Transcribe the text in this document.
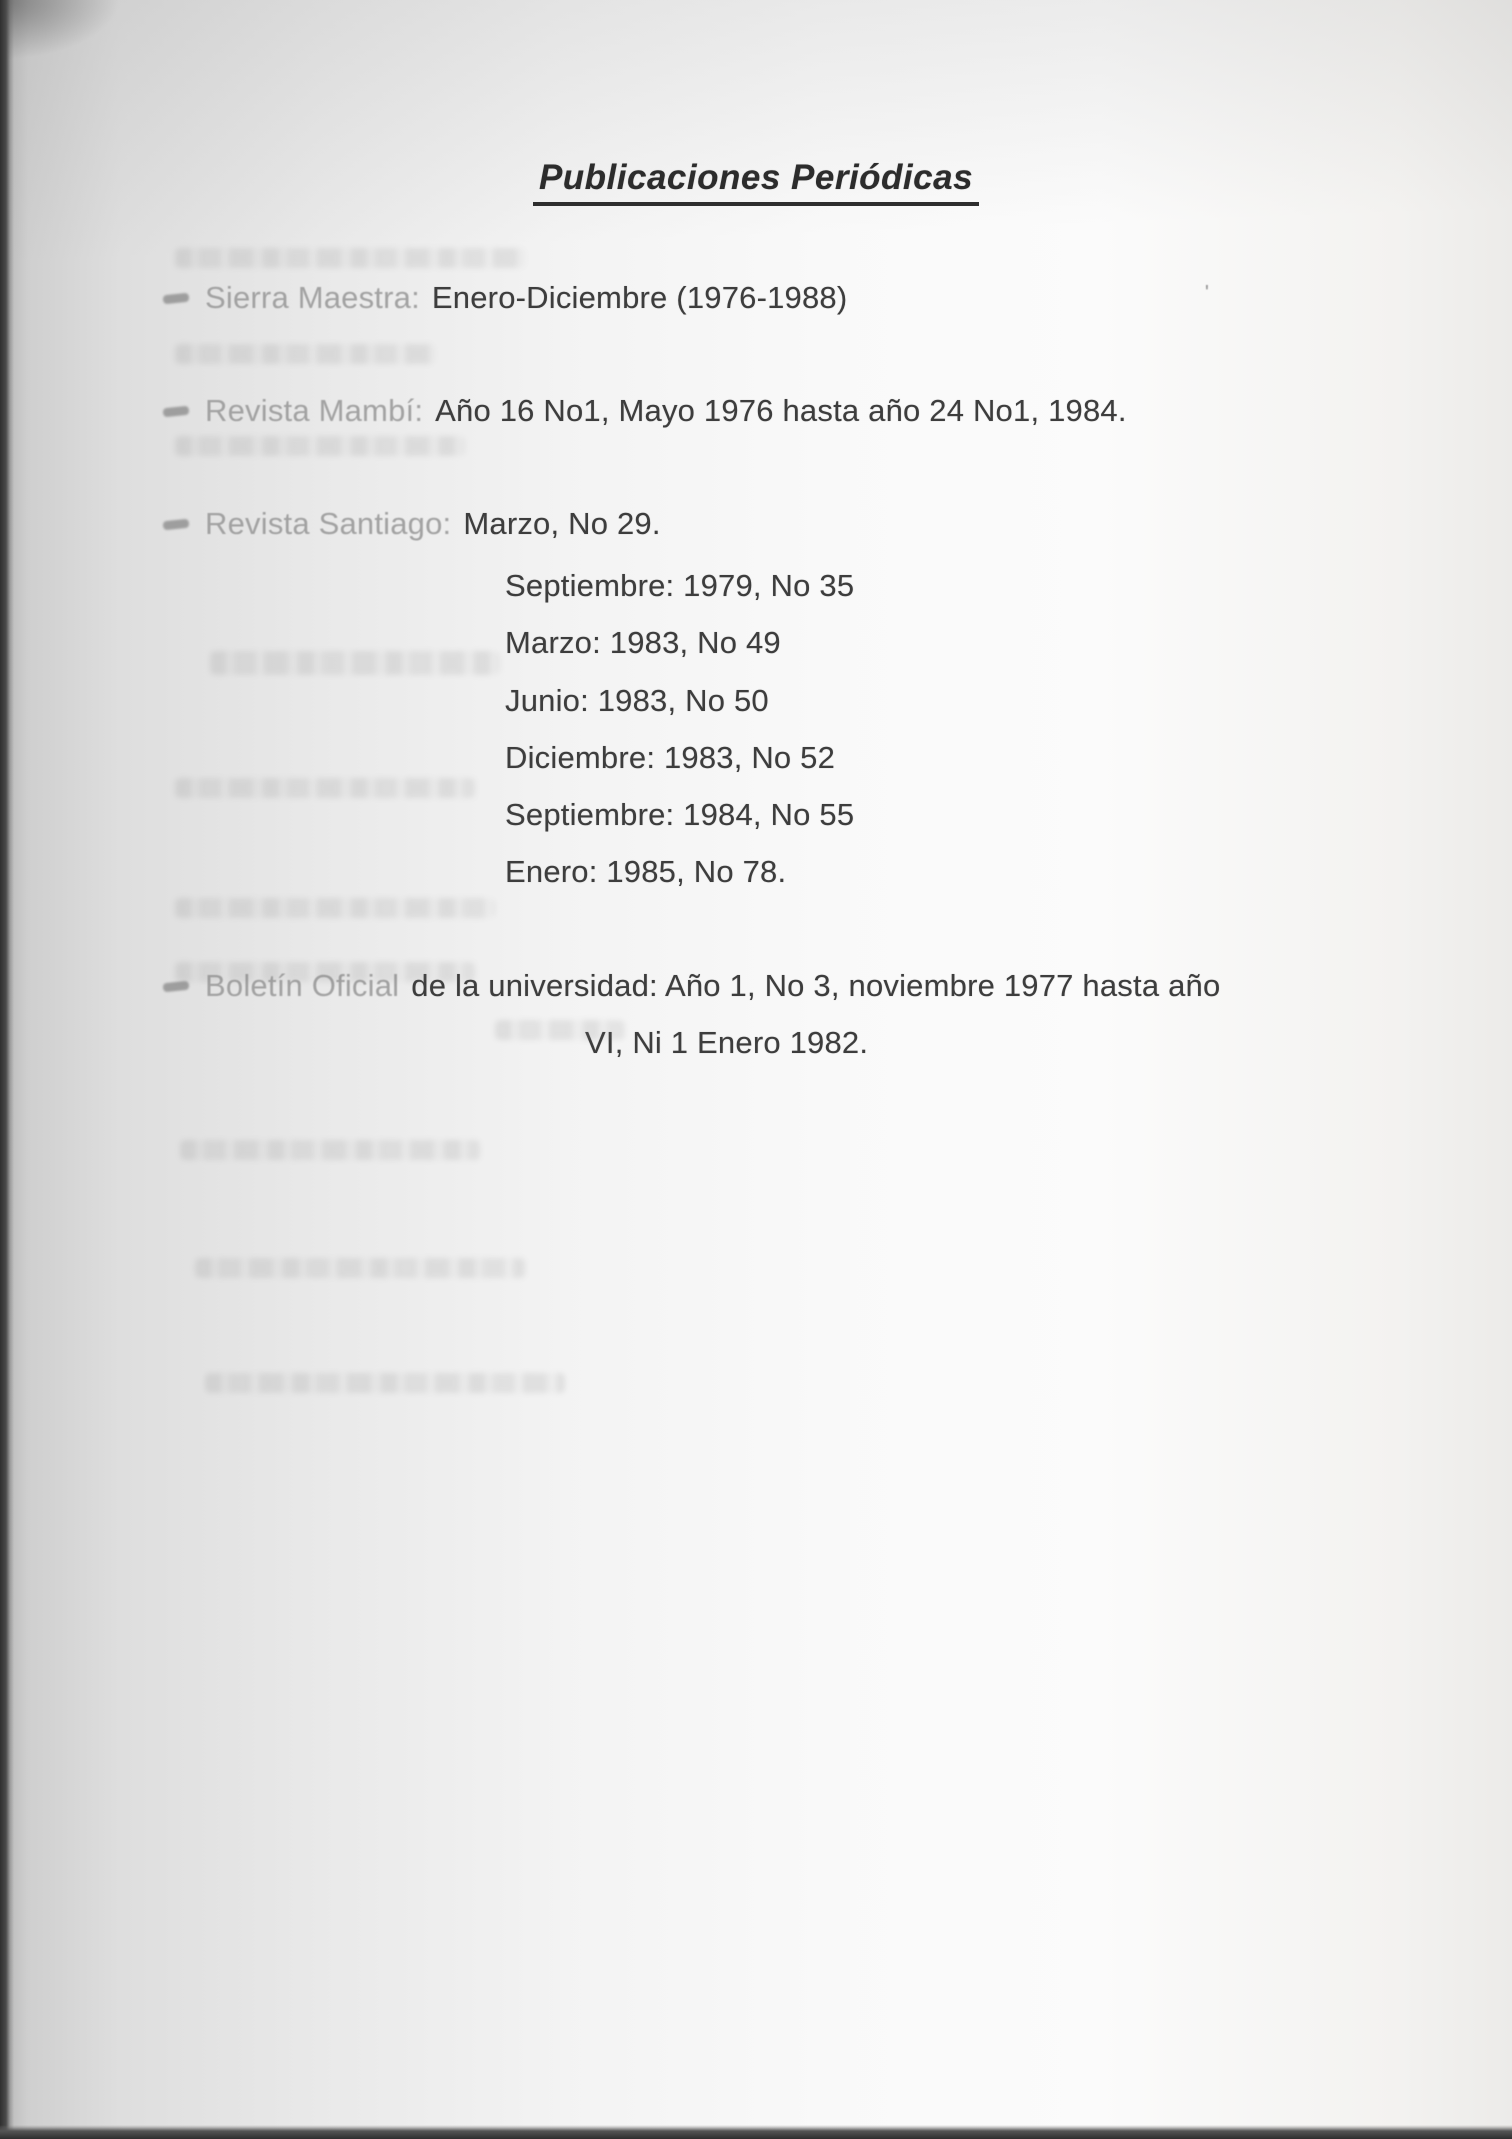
Publicaciones Periódicas
Sierra Maestra: Enero-Diciembre (1976-1988)
Revista Mambí: Año 16 No1, Mayo 1976 hasta año 24 No1, 1984.
Revista Santiago: Marzo, No 29.
Septiembre: 1979, No 35
Marzo: 1983, No 49
Junio: 1983, No 50
Diciembre: 1983, No 52
Septiembre: 1984, No 55
Enero: 1985, No 78.
Boletín Oficial de la universidad: Año 1, No 3, noviembre 1977 hasta año
VI, Ni 1 Enero 1982.
'
